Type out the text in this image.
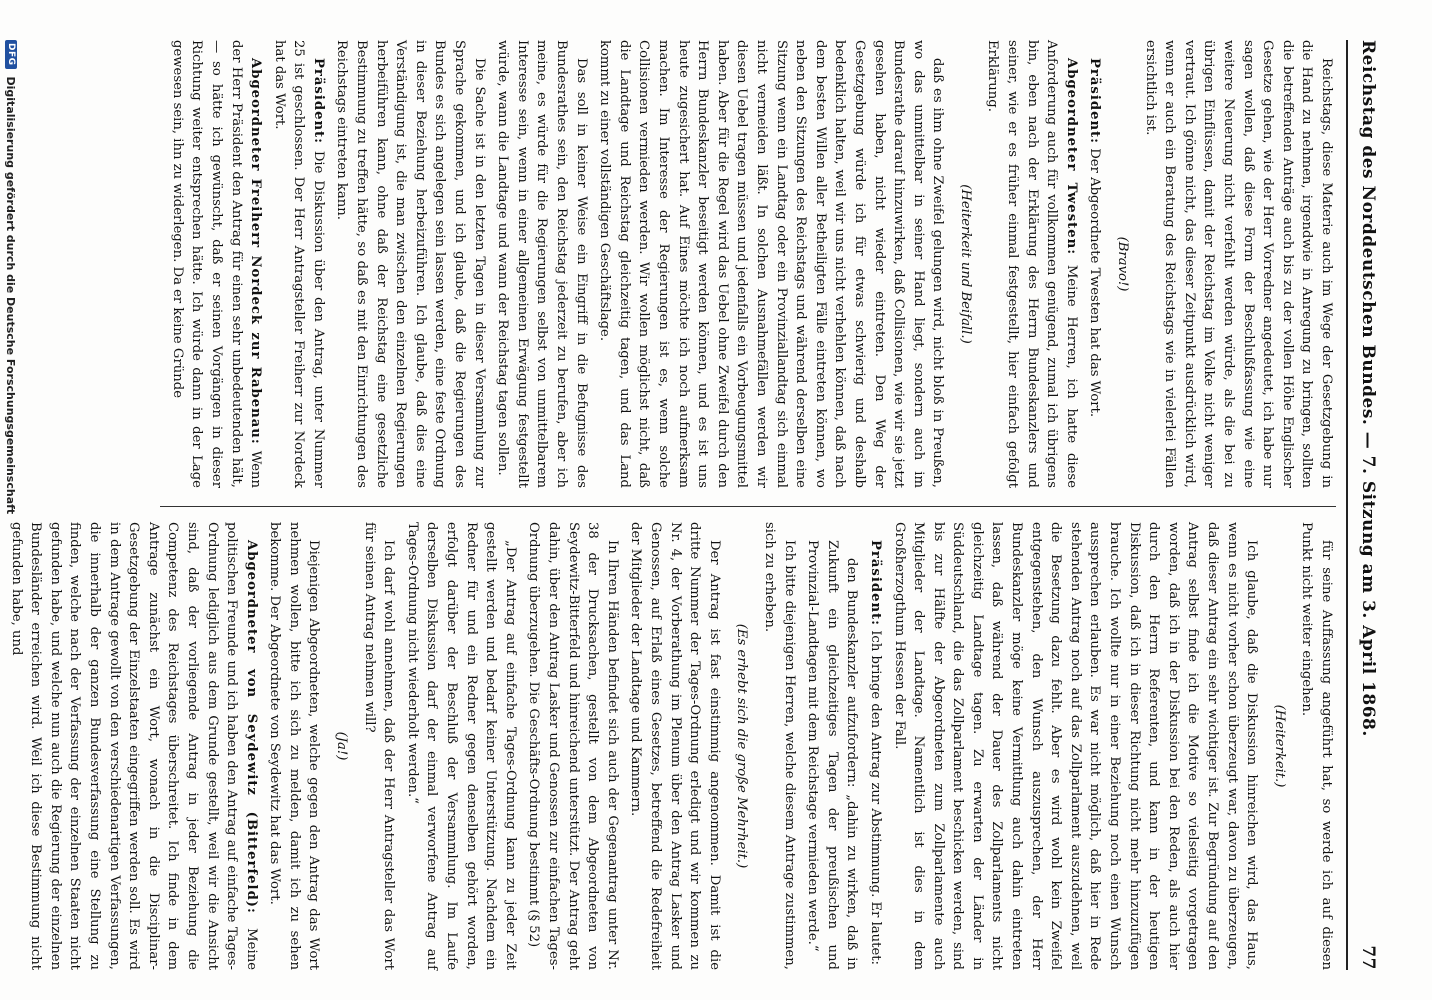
Reichstag des Norddeutschen Bundes. — 7. Sitzung am 3. April 1868.
77

Reichstags, diese Materie auch im Wege der Gesetzgebung in die Hand zu nehmen, irgendwie in Anregung zu bringen, sollten die betreffenden Anträge auch bis zu der vollen Höhe Englischer Gesetze gehen, wie der Herr Vorredner angedeutet, ich habe nur sagen wollen, daß diese Form der Beschlußfassung wie eine weitere Neuerung nicht verfehlt werden würde, als die bei zu übrigen Einflüssen, damit der Reichstag im Volke nicht weniger vertraut. Ich gönne nicht, das dieser Zeitpunkt ausdrücklich wird, wenn er auch ein Beratung des Reichstags wie in vielerlei Fällen ersichtlich ist.

(Bravo!)

Präsident: Der Abgeordnete Twesten hat das Wort.

Abgeordneter Twesten: Meine Herren, ich hatte diese Anforderung auch für vollkommen genügend, zumal ich übrigens bin, eben nach der Erklärung des Herrn Bundeskanzlers und seiner, wie er es früher einmal festgestellt, hier einfach gefolgt Erklärung.

(Heiterkeit und Beifall.)

daß es ihm ohne Zweifel gelungen wird, nicht bloß in Preußen, wo das unmittelbar in seiner Hand liegt, sondern auch im Bundesrathe darauf hinzuwirken, daß Collisionen, wie wir sie jetzt gesehen haben, nicht wieder eintreten. Den Weg der Gesetzgebung würde ich für etwas schwierig und deshalb bedenklich halten, weil wir uns nicht verhehlen können, daß nach dem besten Willen aller Betheiligten Fälle eintreten können, wo neben den Sitzungen des Reichstags und während derselben eine Sitzung wenn ein Landtag oder ein Provinziallandtag sich einmal nicht vermeiden läßt. In solchen Ausnahmefällen werden wir diesen Uebel tragen müssen und jedenfalls ein Vorbeugungsmittel haben. Aber für die Regel wird das Uebel ohne Zweifel durch den Herrn Bundeskanzler beseitigt werden können, und es ist uns heute zugesichert hat. Auf Eines möchte ich noch aufmerksam machen. Im Interesse der Regierungen ist es, wenn solche Collisionen vermieden werden. Wir wollen möglichst nicht, daß die Landtage und Reichstag gleichzeitig tagen, und das Land kommt zu einer vollständigen Geschäftslage.

Das soll in keiner Weise ein Eingriff in die Befugnisse des Bundesrathes sein, den Reichstag jederzeit zu berufen, aber ich meine, es würde für die Regierungen selbst von unmittelbarem Interesse sein, wenn in einer allgemeinen Erwägung festgestellt würde, wann die Landtage und wann der Reichstag tagen sollen.

Die Sache ist in den letzten Tagen in dieser Versammlung zur Sprache gekommen, und ich glaube, daß die Regierungen des Bundes es sich angelegen sein lassen werden, eine feste Ordnung in dieser Beziehung herbeizuführen. Ich glaube, daß dies eine Verständigung ist, die man zwischen den einzelnen Regierungen herbeiführen kann, ohne daß der Reichstag eine gesetzliche Bestimmung zu treffen hätte, so daß es mit den Einrichtungen des Reichstags eintreten kann.

Präsident: Die Diskussion über den Antrag, unter Nummer 25 ist geschlossen. Der Herr Antragsteller Freiherr zur Nordeck hat das Wort.

Abgeordneter Freiherr Nordeck zur Rabenau: Wenn der Herr Präsident den Antrag für einen sehr unbedeutenden hält, — so hätte ich gewünscht, daß er seinen Vorgängen in dieser Richtung weiter entsprechen hätte. Ich würde dann in der Lage gewesen sein, ihn zu widerlegen. Da er keine Gründe

für seine Auffassung angeführt hat, so werde ich auf diesen Punkt nicht weiter eingehen.

(Heiterkeit.)

Ich glaube, daß die Diskussion hinreichen wird, das Haus, wenn es nicht vorher schon überzeugt war, davon zu überzeugen, daß dieser Antrag ein sehr wichtiger ist. Zur Begründung auf den Antrag selbst finde ich die Motive so vielseitig vorgetragen worden, daß ich in der Diskussion bei den Reden, als auch hier durch den Herrn Referenten, und kann in der heutigen Diskussion, daß ich in dieser Richtung nicht mehr hinzuzufügen brauche. Ich wollte nur in einer Beziehung noch einen Wunsch aussprechen erlauben. Es war nicht möglich, daß hier in Rede stehenden Antrag noch auf das Zollparlament auszudehnen, weil die Besetzung dazu fehlt. Aber es wird wohl kein Zweifel entgegenstehen, den Wunsch auszusprechen, der Herr Bundeskanzler möge keine Vermittlung auch dahin eintreten lassen, daß während der Dauer des Zollparlaments nicht gleichzeitig Landtage tagen. Zu erwarten der Länder in Süddeutschland, die das Zollparlament beschicken werden, sind bis zur Hälfte der Abgeordneten zum Zollparlamente auch Mitglieder der Landtage. Namentlich ist dies in dem Großherzogthum Hessen der Fall.

Präsident: Ich bringe den Antrag zur Abstimmung. Er lautet:

den Bundeskanzler aufzufordern: „dahin zu wirken, daß in Zukunft ein gleichzeitiges Tagen der preußischen und Provinzial-Landtagen mit dem Reichstage vermieden werde.“

Ich bitte diejenigen Herren, welche diesem Antrage zustimmen, sich zu erheben.

(Es erhebt sich die große Mehrheit.)

Der Antrag ist fast einstimmig angenommen. Damit ist die dritte Nummer der Tages-Ordnung erledigt und wir kommen zu Nr. 4, der Vorberathung im Plenum über den Antrag Lasker und Genossen, auf Erlaß eines Gesetzes, betreffend die Redefreiheit der Mitglieder der Landtage und Kammern.

In Ihren Händen befindet sich auch der Gegenantrag unter Nr. 38 der Drucksachen, gestellt von dem Abgeordneten von Seydewitz-Bitterfeld und hinreichend unterstützt. Der Antrag geht dahin, über den Antrag Lasker und Genossen zur einfachen Tages-Ordnung überzugehen. Die Geschäfts-Ordnung bestimmt (§ 52)

„Der Antrag auf einfache Tages-Ordnung kann zu jeder Zeit gestellt werden und bedarf keiner Unterstützung. Nachdem ein Redner für und ein Redner gegen denselben gehört worden, erfolgt darüber der Beschluß der Versammlung. Im Laufe derselben Diskussion darf der einmal verworfene Antrag auf Tages-Ordnung nicht wiederholt werden.“

Ich darf wohl annehmen, daß der Herr Antragsteller das Wort für seinen Antrag nehmen will?

(Ja!)

Diejenigen Abgeordneten, welche gegen den Antrag das Wort nehmen wollen, bitte ich sich zu melden, damit ich zu sehen bekomme. Der Abgeordnete von Seydewitz hat das Wort.

Abgeordneter von Seydewitz (Bitterfeld): Meine politischen Freunde und ich haben den Antrag auf einfache Tages-Ordnung lediglich aus dem Grunde gestellt, weil wir die Ansicht sind, daß der vorliegende Antrag in jeder Beziehung die Competenz des Reichstages überschreitet. Ich finde in dem Antrage zunächst ein Wort, wonach in die Disciplinar-Gesetzgebung der Einzelstaaten eingegriffen werden soll. Es wird in dem Antrage gewollt von den verschiedenartigen Verfassungen, die innerhalb der ganzen Bundesverfassung eine Stellung zu finden, welche nach der Verfassung der einzelnen Staaten nicht gefunden habe, und welche nun auch die Regierung der einzelnen Bundesländer erreichen wird. Weil ich diese Bestimmung nicht gefunden habe, und

DFG
Digitalisierung gefördert durch die Deutsche Forschungsgemeinschaft
